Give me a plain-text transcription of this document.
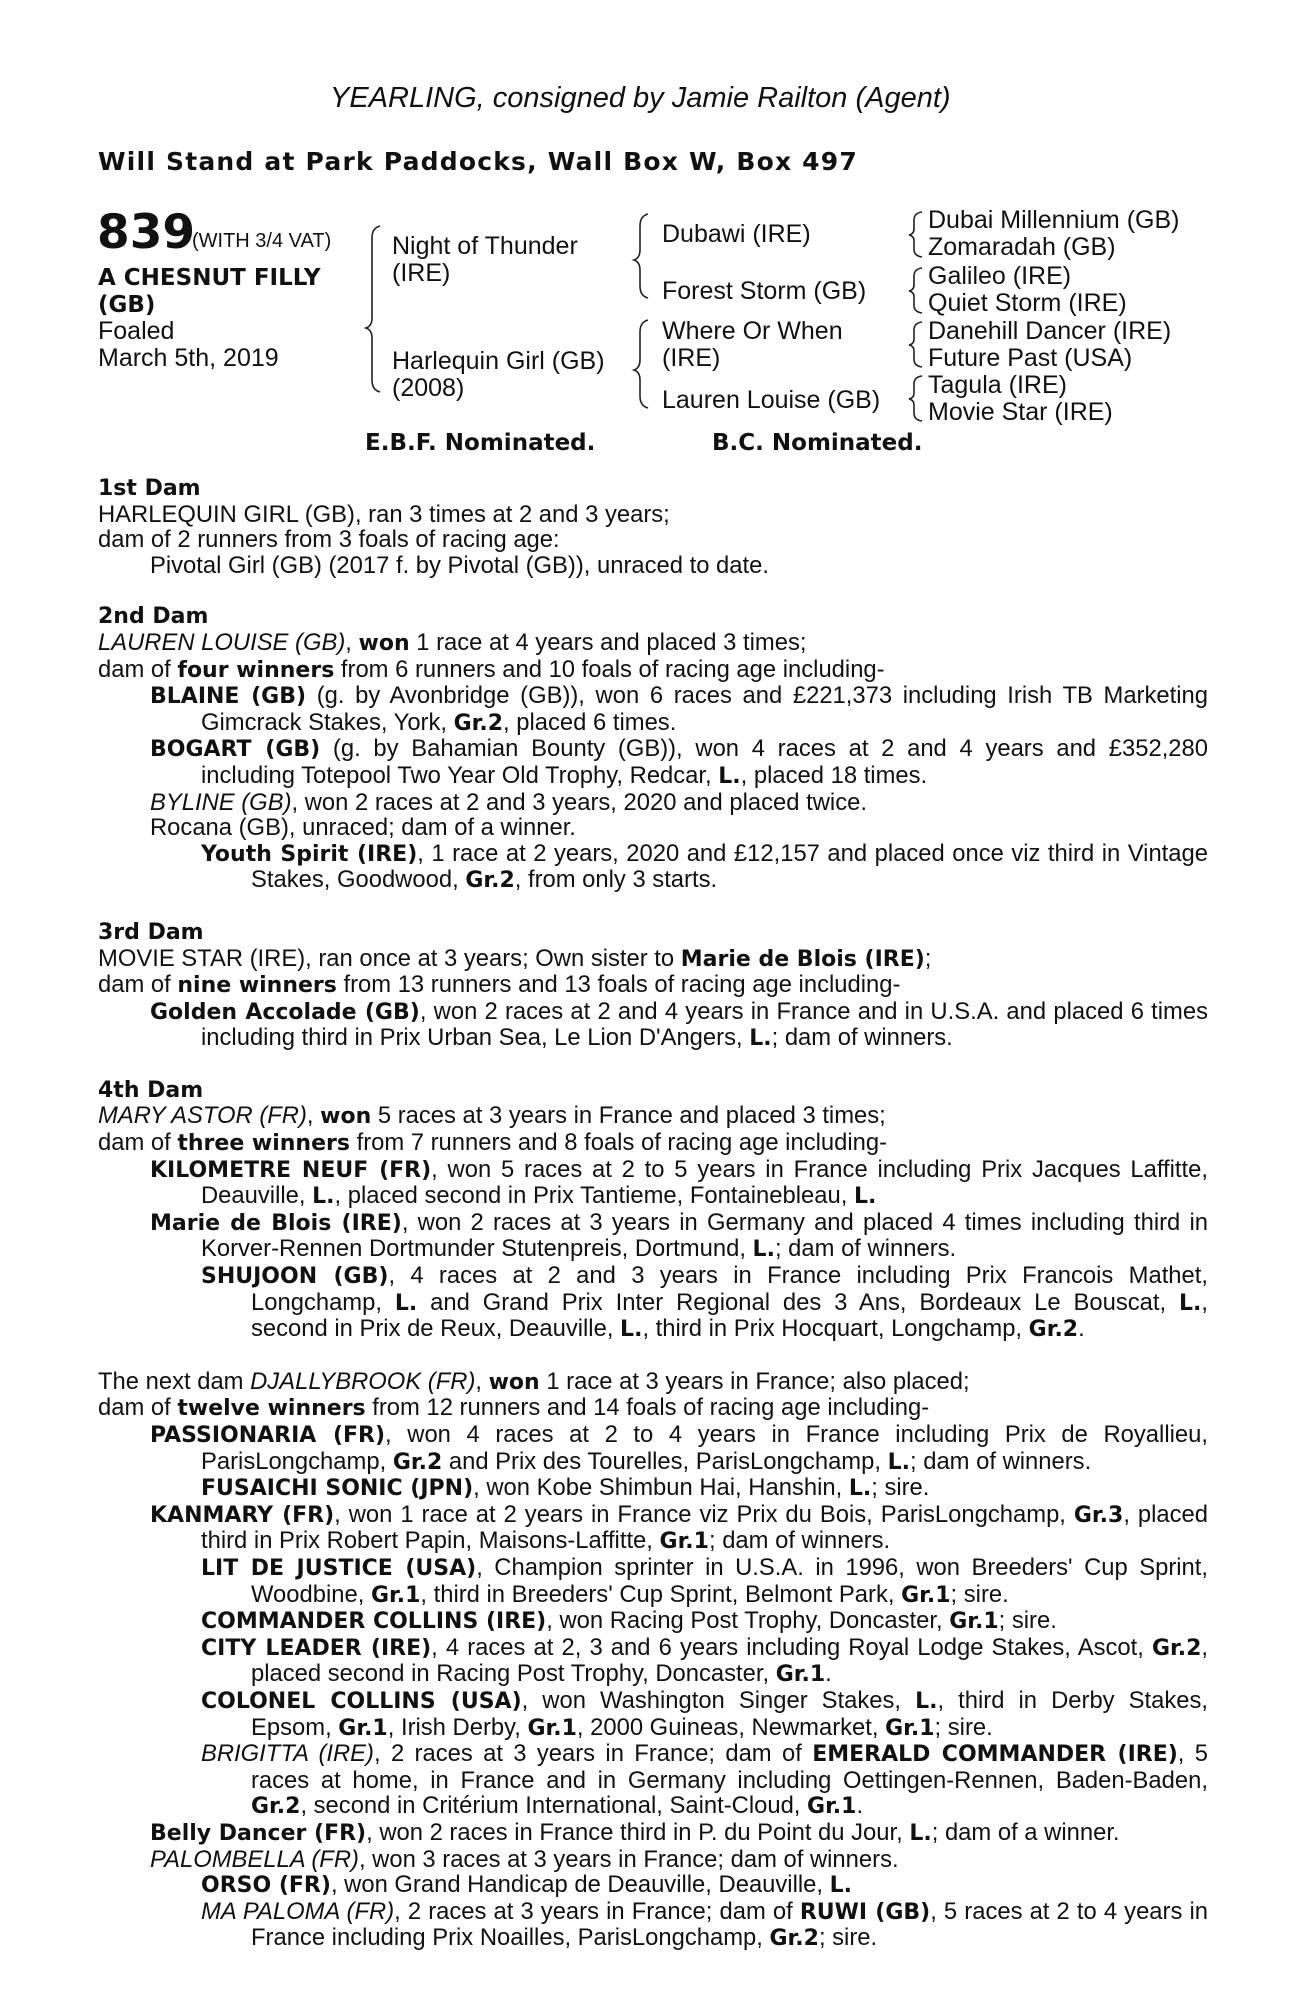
YEARLING, consigned by Jamie Railton (Agent)
Will Stand at Park Paddocks, Wall Box W, Box 497
839
(WITH 3/4 VAT)
A CHESNUT FILLY
(GB)
Foaled
March 5th, 2019
Night of Thunder
(IRE)
Harlequin Girl (GB)
(2008)
Dubawi (IRE)
Forest Storm (GB)
Where Or When
(IRE)
Lauren Louise (GB)
Dubai Millennium (GB)
Zomaradah (GB)
Galileo (IRE)
Quiet Storm (IRE)
Danehill Dancer (IRE)
Future Past (USA)
Tagula (IRE)
Movie Star (IRE)
E.B.F. Nominated.	B.C. Nominated.
1st Dam
HARLEQUIN GIRL (GB), ran 3 times at 2 and 3 years;
dam of 2 runners from 3 foals of racing age:
Pivotal Girl (GB) (2017 f. by Pivotal (GB)), unraced to date.
2nd Dam
LAUREN LOUISE (GB), won 1 race at 4 years and placed 3 times;
dam of four winners from 6 runners and 10 foals of racing age including-
BLAINE (GB) (g. by Avonbridge (GB)), won 6 races and £221,373 including Irish TB Marketing Gimcrack Stakes, York, Gr.2, placed 6 times.
BOGART (GB) (g. by Bahamian Bounty (GB)), won 4 races at 2 and 4 years and £352,280 including Totepool Two Year Old Trophy, Redcar, L., placed 18 times.
BYLINE (GB), won 2 races at 2 and 3 years, 2020 and placed twice.
Rocana (GB), unraced; dam of a winner.
Youth Spirit (IRE), 1 race at 2 years, 2020 and £12,157 and placed once viz third in Vintage Stakes, Goodwood, Gr.2, from only 3 starts.
3rd Dam
MOVIE STAR (IRE), ran once at 3 years; Own sister to Marie de Blois (IRE);
dam of nine winners from 13 runners and 13 foals of racing age including-
Golden Accolade (GB), won 2 races at 2 and 4 years in France and in U.S.A. and placed 6 times including third in Prix Urban Sea, Le Lion D'Angers, L.; dam of winners.
4th Dam
MARY ASTOR (FR), won 5 races at 3 years in France and placed 3 times;
dam of three winners from 7 runners and 8 foals of racing age including-
KILOMETRE NEUF (FR), won 5 races at 2 to 5 years in France including Prix Jacques Laffitte, Deauville, L., placed second in Prix Tantieme, Fontainebleau, L.
Marie de Blois (IRE), won 2 races at 3 years in Germany and placed 4 times including third in Korver-Rennen Dortmunder Stutenpreis, Dortmund, L.; dam of winners.
SHUJOON (GB), 4 races at 2 and 3 years in France including Prix Francois Mathet, Longchamp, L. and Grand Prix Inter Regional des 3 Ans, Bordeaux Le Bouscat, L., second in Prix de Reux, Deauville, L., third in Prix Hocquart, Longchamp, Gr.2.
The next dam DJALLYBROOK (FR), won 1 race at 3 years in France; also placed;
dam of twelve winners from 12 runners and 14 foals of racing age including-
PASSIONARIA (FR), won 4 races at 2 to 4 years in France including Prix de Royallieu, ParisLongchamp, Gr.2 and Prix des Tourelles, ParisLongchamp, L.; dam of winners.
FUSAICHI SONIC (JPN), won Kobe Shimbun Hai, Hanshin, L.; sire.
KANMARY (FR), won 1 race at 2 years in France viz Prix du Bois, ParisLongchamp, Gr.3, placed third in Prix Robert Papin, Maisons-Laffitte, Gr.1; dam of winners.
LIT DE JUSTICE (USA), Champion sprinter in U.S.A. in 1996, won Breeders' Cup Sprint, Woodbine, Gr.1, third in Breeders' Cup Sprint, Belmont Park, Gr.1; sire.
COMMANDER COLLINS (IRE), won Racing Post Trophy, Doncaster, Gr.1; sire.
CITY LEADER (IRE), 4 races at 2, 3 and 6 years including Royal Lodge Stakes, Ascot, Gr.2, placed second in Racing Post Trophy, Doncaster, Gr.1.
COLONEL COLLINS (USA), won Washington Singer Stakes, L., third in Derby Stakes, Epsom, Gr.1, Irish Derby, Gr.1, 2000 Guineas, Newmarket, Gr.1; sire.
BRIGITTA (IRE), 2 races at 3 years in France; dam of EMERALD COMMANDER (IRE), 5 races at home, in France and in Germany including Oettingen-Rennen, Baden-Baden, Gr.2, second in Critérium International, Saint-Cloud, Gr.1.
Belly Dancer (FR), won 2 races in France third in P. du Point du Jour, L.; dam of a winner.
PALOMBELLA (FR), won 3 races at 3 years in France; dam of winners.
ORSO (FR), won Grand Handicap de Deauville, Deauville, L.
MA PALOMA (FR), 2 races at 3 years in France; dam of RUWI (GB), 5 races at 2 to 4 years in France including Prix Noailles, ParisLongchamp, Gr.2; sire.
